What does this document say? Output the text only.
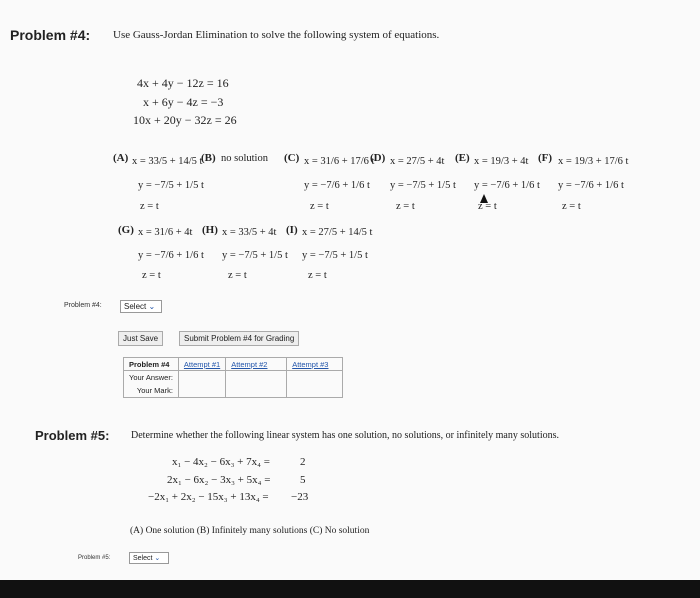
Problem #4: Use Gauss-Jordan Elimination to solve the following system of equations.
4x + 4y − 12z = 16
x + 6y − 4z = −3
10x + 20y − 32z = 26
(A) x = 33/5 + 14/5 t
y = −7/5 + 1/5 t
z = t
(B) no solution (C) x = 31/6 + 17/6 t
y = −7/6 + 1/6 t
z = t
(D) x = 27/5 + 4t
y = −7/5 + 1/5 t
z = t
(E) x = 19/3 + 4t
y = −7/6 + 1/6 t
z = t
(F) x = 19/3 + 17/6 t
y = −7/6 + 1/6 t
z = t
(G) x = 31/6 + 4t
y = −7/6 + 1/6 t
z = t
(H) x = 33/5 + 4t
y = −7/5 + 1/5 t
z = t
(I) x = 27/5 + 14/5 t
y = −7/5 + 1/5 t
z = t
Problem #4:	Select ⌄
Just Save	Submit Problem #4 for Grading
Problem #4	Attempt #1	Attempt #2	Attempt #3
Your Answer:			
Your Mark:			
Problem #5: Determine whether the following linear system has one solution, no solutions, or infinitely many solutions.
x₁ − 4x₂ − 6x₃ + 7x₄ =	2
2x₁ − 6x₂ − 3x₃ + 5x₄ =	5
−2x₁ + 2x₂ − 15x₃ + 13x₄ = −23
(A) One solution (B) Infinitely many solutions (C) No solution
Problem #5:	Select ⌄
